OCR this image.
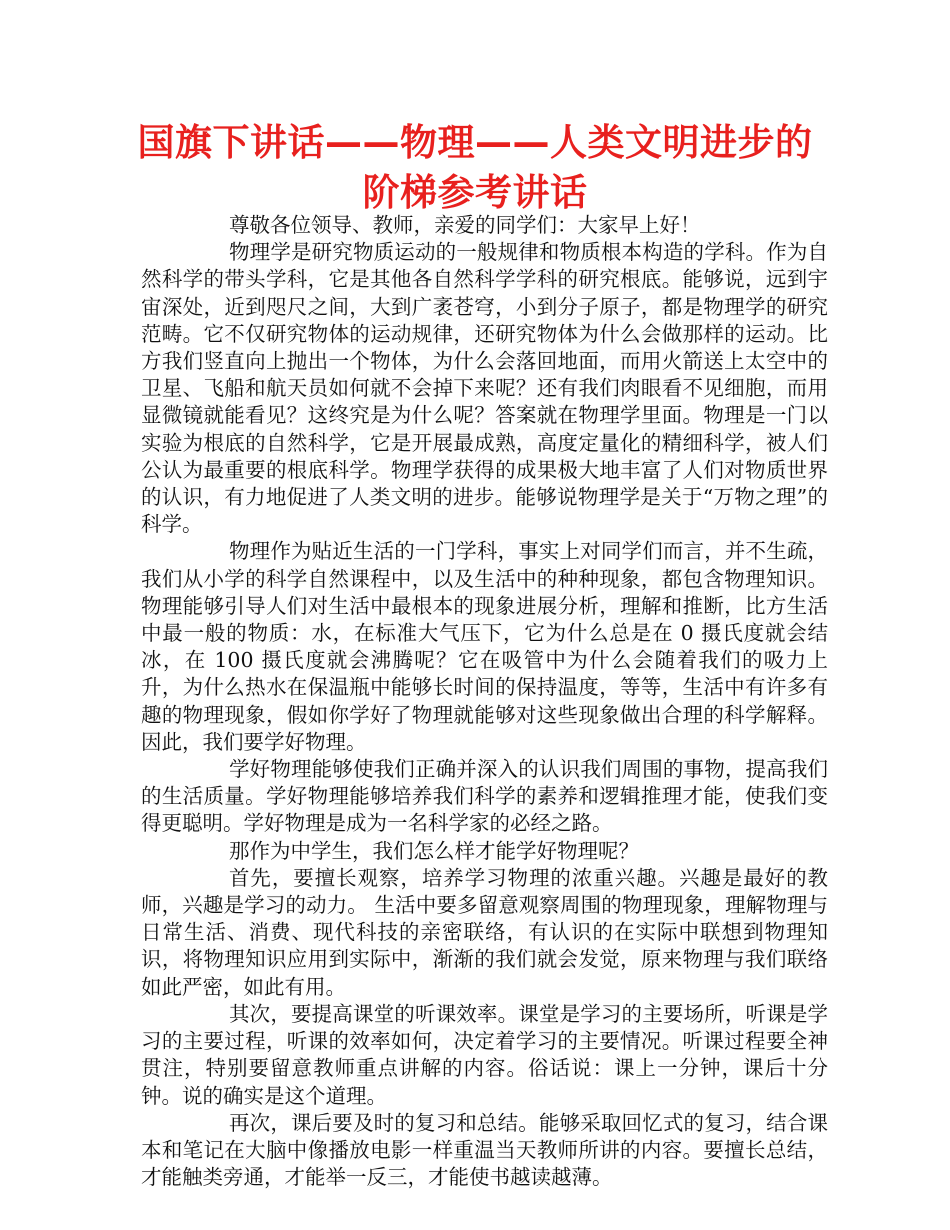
国旗下讲话——物理——人类文明进步的阶梯参考讲话

尊敬各位领导、教师，亲爱的同学们：大家早上好！

物理学是研究物质运动的一般规律和物质根本构造的学科。作为自然科学的带头学科，它是其他各自然科学学科的研究根底。能够说，远到宇宙深处，近到咫尺之间，大到广袤苍穹，小到分子原子，都是物理学的研究范畴。它不仅研究物体的运动规律，还研究物体为什么会做那样的运动。比方我们竖直向上抛出一个物体，为什么会落回地面，而用火箭送上太空中的卫星、飞船和航天员如何就不会掉下来呢？还有我们肉眼看不见细胞，而用显微镜就能看见？这终究是为什么呢？答案就在物理学里面。物理是一门以实验为根底的自然科学，它是开展最成熟，高度定量化的精细科学，被人们公认为最重要的根底科学。物理学获得的成果极大地丰富了人们对物质世界的认识，有力地促进了人类文明的进步。能够说物理学是关于“万物之理”的科学。

物理作为贴近生活的一门学科，事实上对同学们而言，并不生疏，我们从小学的科学自然课程中，以及生活中的种种现象，都包含物理知识。物理能够引导人们对生活中最根本的现象进展分析，理解和推断，比方生活中最一般的物质：水，在标准大气压下，它为什么总是在 0 摄氏度就会结冰，在 100 摄氏度就会沸腾呢？它在吸管中为什么会随着我们的吸力上升，为什么热水在保温瓶中能够长时间的保持温度，等等，生活中有许多有趣的物理现象，假如你学好了物理就能够对这些现象做出合理的科学解释。因此，我们要学好物理。

学好物理能够使我们正确并深入的认识我们周围的事物，提高我们的生活质量。学好物理能够培养我们科学的素养和逻辑推理才能，使我们变得更聪明。学好物理是成为一名科学家的必经之路。

那作为中学生，我们怎么样才能学好物理呢？

首先，要擅长观察，培养学习物理的浓重兴趣。兴趣是最好的教师，兴趣是学习的动力。 生活中要多留意观察周围的物理现象，理解物理与日常生活、消费、现代科技的亲密联络，有认识的在实际中联想到物理知识，将物理知识应用到实际中，渐渐的我们就会发觉，原来物理与我们联络如此严密，如此有用。

其次，要提高课堂的听课效率。课堂是学习的主要场所，听课是学习的主要过程，听课的效率如何，决定着学习的主要情况。听课过程要全神贯注，特别要留意教师重点讲解的内容。俗话说：课上一分钟，课后十分钟。说的确实是这个道理。

再次，课后要及时的复习和总结。能够采取回忆式的复习，结合课本和笔记在大脑中像播放电影一样重温当天教师所讲的内容。要擅长总结，才能触类旁通，才能举一反三，才能使书越读越薄。
